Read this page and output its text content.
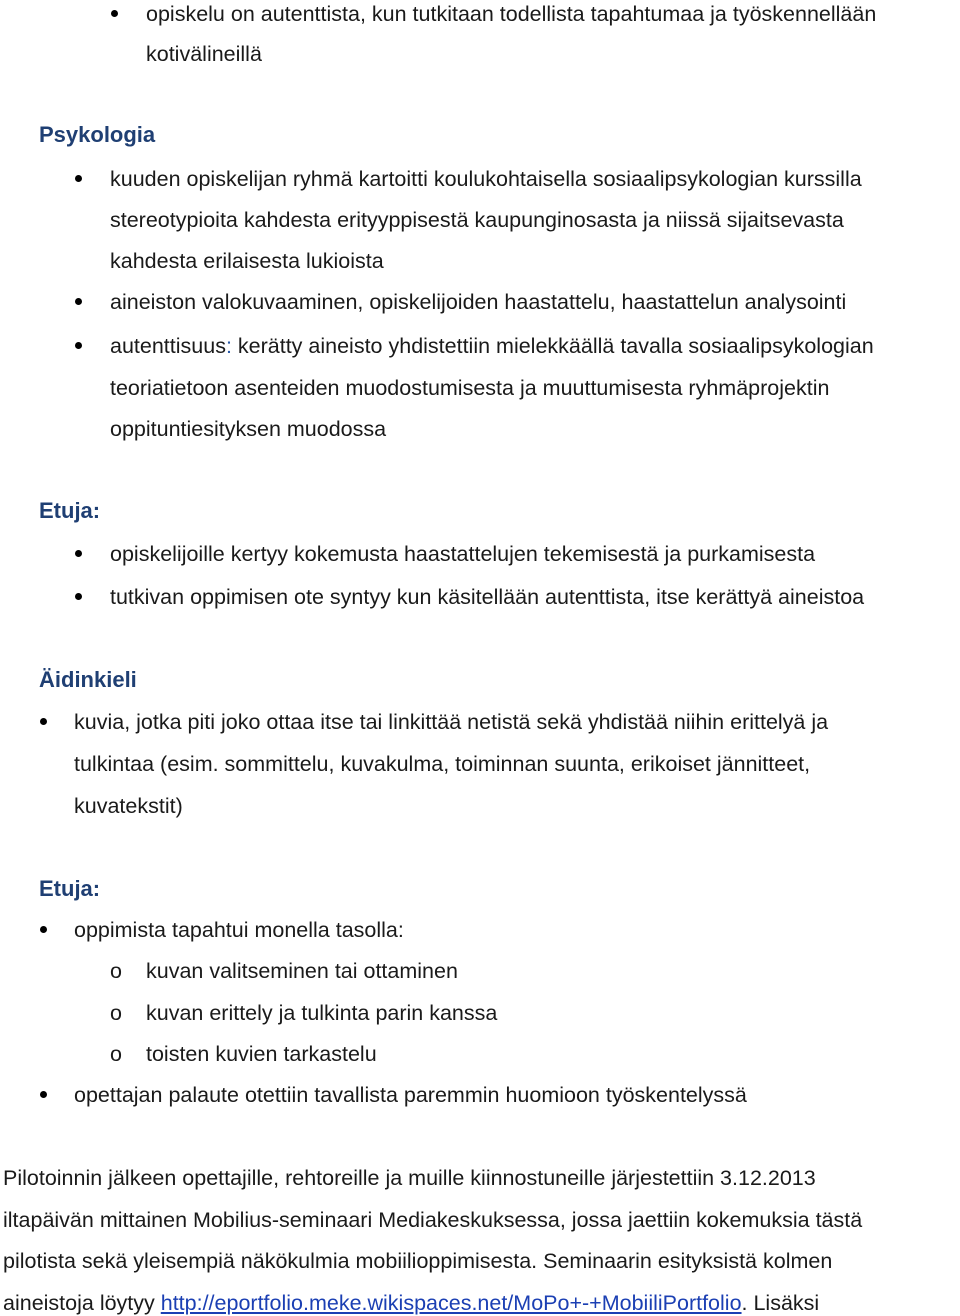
opiskelu on autenttista, kun tutkitaan todellista tapahtumaa ja työskennellään
kotivälineillä
Psykologia
kuuden opiskelijan ryhmä kartoitti koulukohtaisella sosiaalipsykologian kurssilla
stereotypioita kahdesta erityyppisestä kaupunginosasta ja niissä sijaitsevasta
kahdesta erilaisesta lukioista
aineiston valokuvaaminen, opiskelijoiden haastattelu, haastattelun analysointi
autenttisuus: kerätty aineisto yhdistettiin mielekkäällä tavalla sosiaalipsykologian
teoriatietoon asenteiden muodostumisesta ja muuttumisesta ryhmäprojektin
oppituntiesityksen muodossa
Etuja:
opiskelijoille kertyy kokemusta haastattelujen tekemisestä ja purkamisesta
tutkivan oppimisen ote syntyy kun käsitellään autenttista, itse kerättyä aineistoa
Äidinkieli
kuvia, jotka piti joko ottaa itse tai linkittää netistä sekä yhdistää niihin erittelyä ja
tulkintaa (esim. sommittelu, kuvakulma, toiminnan suunta, erikoiset jännitteet,
kuvatekstit)
Etuja:
oppimista tapahtui monella tasolla:
o kuvan valitseminen tai ottaminen
o kuvan erittely ja tulkinta parin kanssa
o toisten kuvien tarkastelu
opettajan palaute otettiin tavallista paremmin huomioon työskentelyssä
Pilotoinnin jälkeen opettajille, rehtoreille ja muille kiinnostuneille järjestettiin 3.12.2013
iltapäivän mittainen Mobilius-seminaari Mediakeskuksessa, jossa jaettiin kokemuksia tästä
pilotista sekä yleisempiä näkökulmia mobiilioppimisesta. Seminaarin esityksistä kolmen
aineistoja löytyy http://eportfolio.meke.wikispaces.net/MoPo+-+MobiiliPortfolio. Lisäksi
